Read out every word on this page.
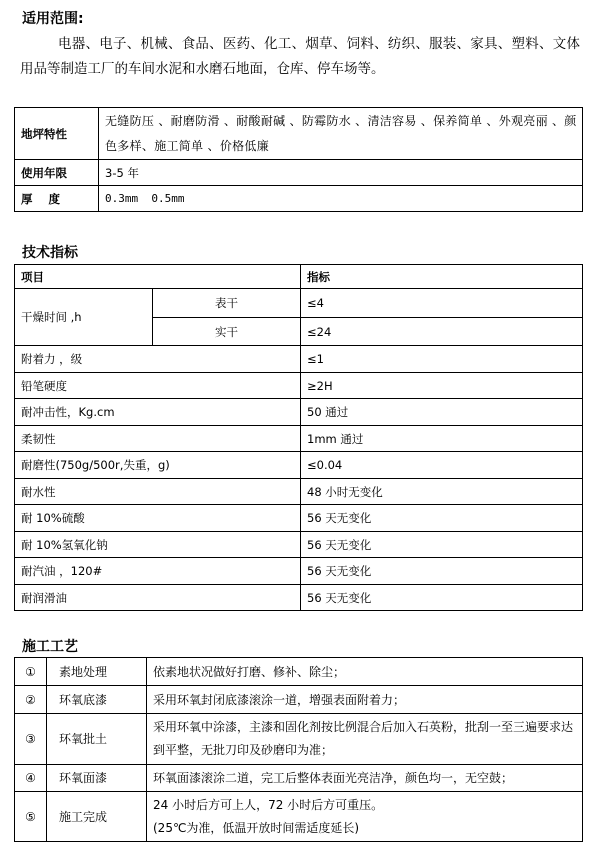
适用范围:
电器、电子、机械、食品、医药、化工、烟草、饲料、纺织、服装、家具、塑料、文体用品等制造工厂的车间水泥和水磨石地面，仓库、停车场等。
地坪特性	无缝防压 、耐磨防滑 、耐酸耐碱 、防霉防水 、清洁容易 、保养简单 、外观亮丽 、颜色多样、施工简单 、价格低廉
使用年限	3-5 年
厚    度	0.3mm  0.5mm
技术指标
项目		指标
干燥时间 ,h	表干	≤4
	实干	≤24
附着力 ，级		≤1
铅笔硬度		≥2H
耐冲击性，Kg.cm		50 通过
柔韧性		1mm 通过
耐磨性(750g/500r,失重，g)		≤0.04
耐水性		48 小时无变化
耐 10%硫酸		56 天无变化
耐 10%氢氧化钠		56 天无变化
耐汽油 ，120#		56 天无变化
耐润滑油		56 天无变化
施工工艺
①	素地处理	依素地状况做好打磨、修补、除尘；
②	环氧底漆	采用环氧封闭底漆滚涂一道，增强表面附着力；
③	环氧批土	采用环氧中涂漆，主漆和固化剂按比例混合后加入石英粉，批刮一至三遍要求达到平整，无批刀印及砂磨印为准；
④	环氧面漆	环氧面漆滚涂二道，完工后整体表面光亮洁净，颜色均一，无空鼓；
⑤	施工完成	24 小时后方可上人，72 小时后方可重压。
(25℃为准，低温开放时间需适度延长)
